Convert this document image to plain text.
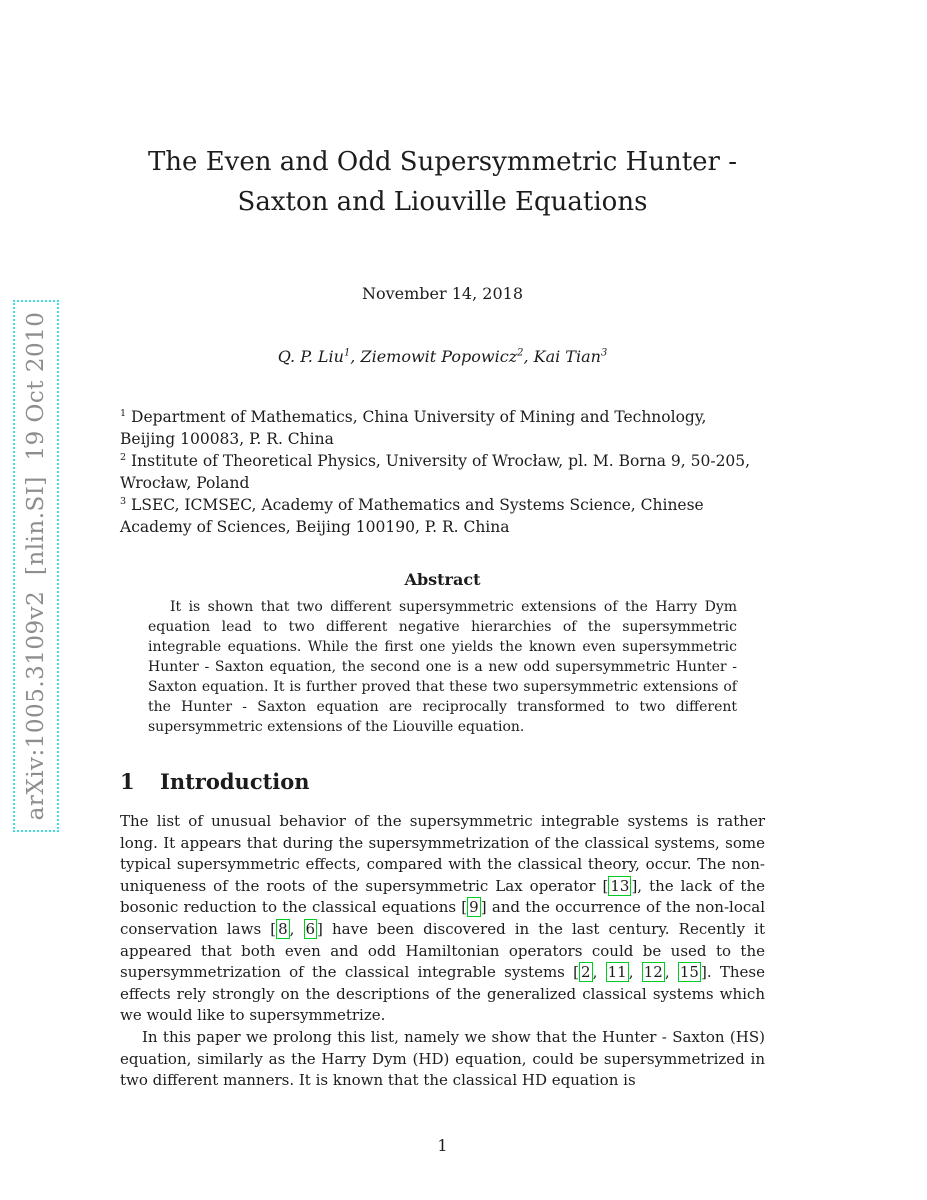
arXiv:1005.3109v2  [nlin.SI]  19 Oct 2010
The Even and Odd Supersymmetric Hunter -
Saxton and Liouville Equations
November 14, 2018
Q. P. Liu$^1$, Ziemowit Popowicz$^2$, Kai Tian$^3$

$^1$ Department of Mathematics, China University of Mining and Technology, Beijing 100083, P. R. China

$^2$ Institute of Theoretical Physics, University of Wrocław, pl. M. Borna 9, 50-205, Wrocław, Poland

$^3$ LSEC, ICMSEC, Academy of Mathematics and Systems Science, Chinese Academy of Sciences, Beijing 100190, P. R. China

Abstract

It is shown that two different supersymmetric extensions of the Harry Dym equation lead to two different negative hierarchies of the supersymmetric integrable equations. While the first one yields the known even supersymmetric Hunter - Saxton equation, the second one is a new odd supersymmetric Hunter - Saxton equation. It is further proved that these two supersymmetric extensions of the Hunter - Saxton equation are reciprocally transformed to two different supersymmetric extensions of the Liouville equation.

1 Introduction

The list of unusual behavior of the supersymmetric integrable systems is rather long. It appears that during the supersymmetrization of the classical systems, some typical supersymmetric effects, compared with the classical theory, occur. The non-uniqueness of the roots of the supersymmetric Lax operator [ 13 ], the lack of the bosonic reduction to the classical equations [ 9 ] and the occurrence of the non-local conservation laws [ 8 , 6 ] have been discovered in the last century. Recently it appeared that both even and odd Hamiltonian operators could be used to the supersymmetrization of the classical integrable systems [ 2 , 11 , 12 , 15 ]. These effects rely strongly on the descriptions of the generalized classical systems which we would like to supersymmetrize.

In this paper we prolong this list, namely we show that the Hunter - Saxton (HS) equation, similarly as the Harry Dym (HD) equation, could be supersymmetrized in two different manners. It is known that the classical HD equation is

1
